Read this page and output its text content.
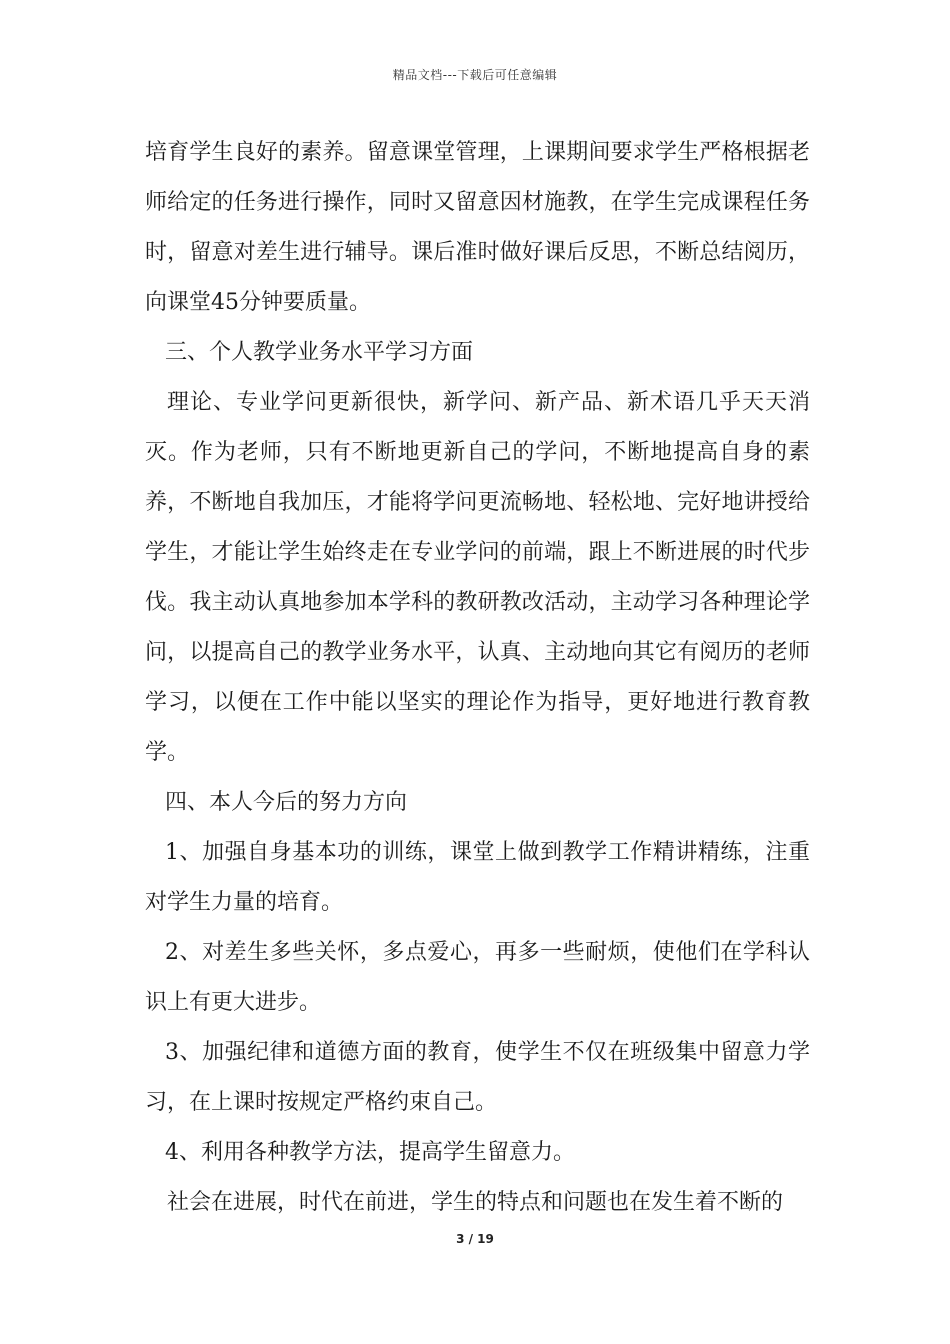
精品文档---下载后可任意编辑

培育学生良好的素养。留意课堂管理，上课期间要求学生严格根据老师给定的任务进行操作，同时又留意因材施教，在学生完成课程任务时，留意对差生进行辅导。课后准时做好课后反思，不断总结阅历，向课堂45分钟要质量。

三、个人教学业务水平学习方面

理论、专业学问更新很快，新学问、新产品、新术语几乎天天消灭。作为老师，只有不断地更新自己的学问，不断地提高自身的素养，不断地自我加压，才能将学问更流畅地、轻松地、完好地讲授给学生，才能让学生始终走在专业学问的前端，跟上不断进展的时代步伐。我主动认真地参加本学科的教研教改活动，主动学习各种理论学问，以提高自己的教学业务水平，认真、主动地向其它有阅历的老师学习，以便在工作中能以坚实的理论作为指导，更好地进行教育教学。

四、本人今后的努力方向

1、加强自身基本功的训练，课堂上做到教学工作精讲精练，注重对学生力量的培育。

2、对差生多些关怀，多点爱心，再多一些耐烦，使他们在学科认识上有更大进步。

3、加强纪律和道德方面的教育，使学生不仅在班级集中留意力学习，在上课时按规定严格约束自己。

4、利用各种教学方法，提高学生留意力。

社会在进展，时代在前进，学生的特点和问题也在发生着不断的

3 / 19
